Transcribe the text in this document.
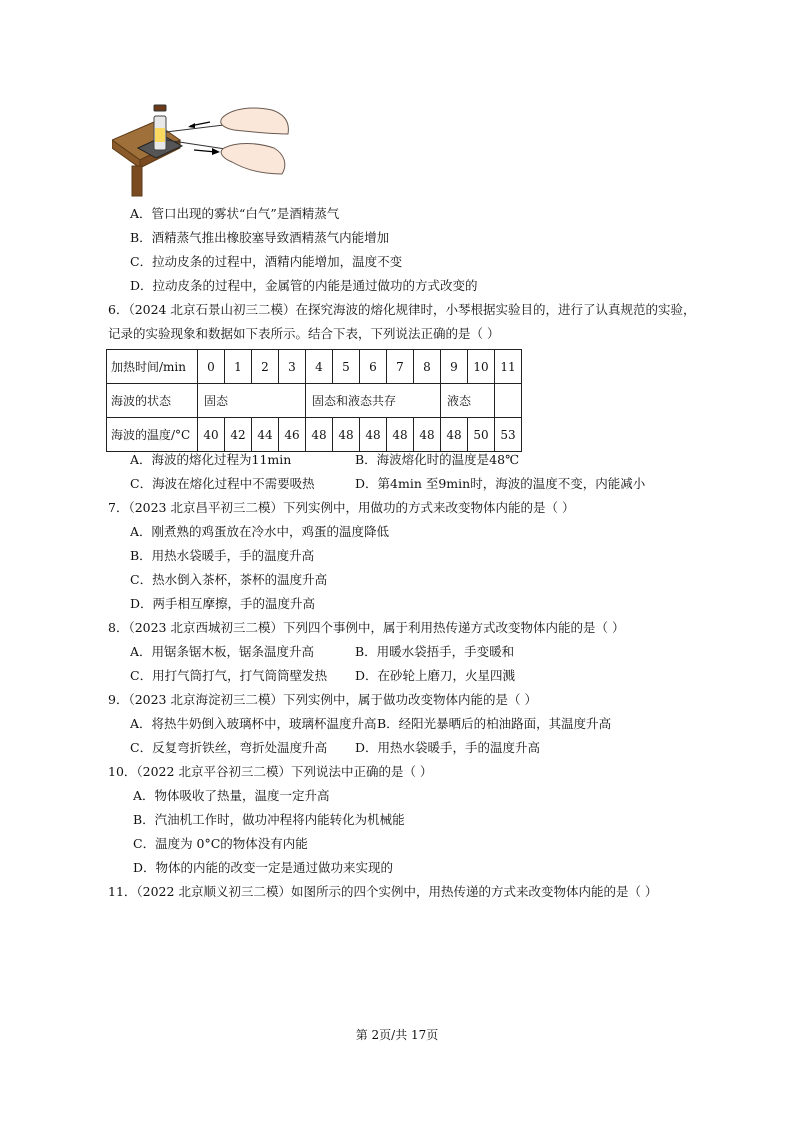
A．管口出现的雾状“白气”是酒精蒸气
B．酒精蒸气推出橡胶塞导致酒精蒸气内能增加
C．拉动皮条的过程中，酒精内能增加，温度不变
D．拉动皮条的过程中，金属管的内能是通过做功的方式改变的
6．（2024 北京石景山初三二模）在探究海波的熔化规律时，小琴根据实验目的，进行了认真规范的实验，
记录的实验现象和数据如下表所示。结合下表，下列说法正确的是（ ）
加热时间/min	0	1	2	3	4	5	6	7	8	9	10	11
海波的状态	固态				固态和液态共存					液态		
海波的温度/°C	40	42	44	46	48	48	48	48	48	48	50	53
A．海波的熔化过程为11min	B．海波熔化时的温度是48℃
C．海波在熔化过程中不需要吸热	D．第4min 至9min时，海波的温度不变，内能减小
7．（2023 北京昌平初三二模）下列实例中，用做功的方式来改变物体内能的是（ ）
A．刚煮熟的鸡蛋放在冷水中，鸡蛋的温度降低
B．用热水袋暖手，手的温度升高
C．热水倒入茶杯，茶杯的温度升高
D．两手相互摩擦，手的温度升高
8．（2023 北京西城初三二模）下列四个事例中，属于利用热传递方式改变物体内能的是（ ）
A．用锯条锯木板，锯条温度升高	B．用暖水袋捂手，手变暖和
C．用打气筒打气，打气筒筒壁发热 D．在砂轮上磨刀，火星四溅
9．（2023 北京海淀初三二模）下列实例中，属于做功改变物体内能的是（ ）
A．将热牛奶倒入玻璃杯中，玻璃杯温度升高 B．经阳光暴晒后的柏油路面，其温度升高
C．反复弯折铁丝，弯折处温度升高 D．用热水袋暖手，手的温度升高
10．（2022 北京平谷初三二模）下列说法中正确的是（ ）
A．物体吸收了热量，温度一定升高
B．汽油机工作时，做功冲程将内能转化为机械能
C．温度为 0°C的物体没有内能
D．物体的内能的改变一定是通过做功来实现的
11．（2022 北京顺义初三二模）如图所示的四个实例中，用热传递的方式来改变物体内能的是（ ）
第 2页/共 17页
